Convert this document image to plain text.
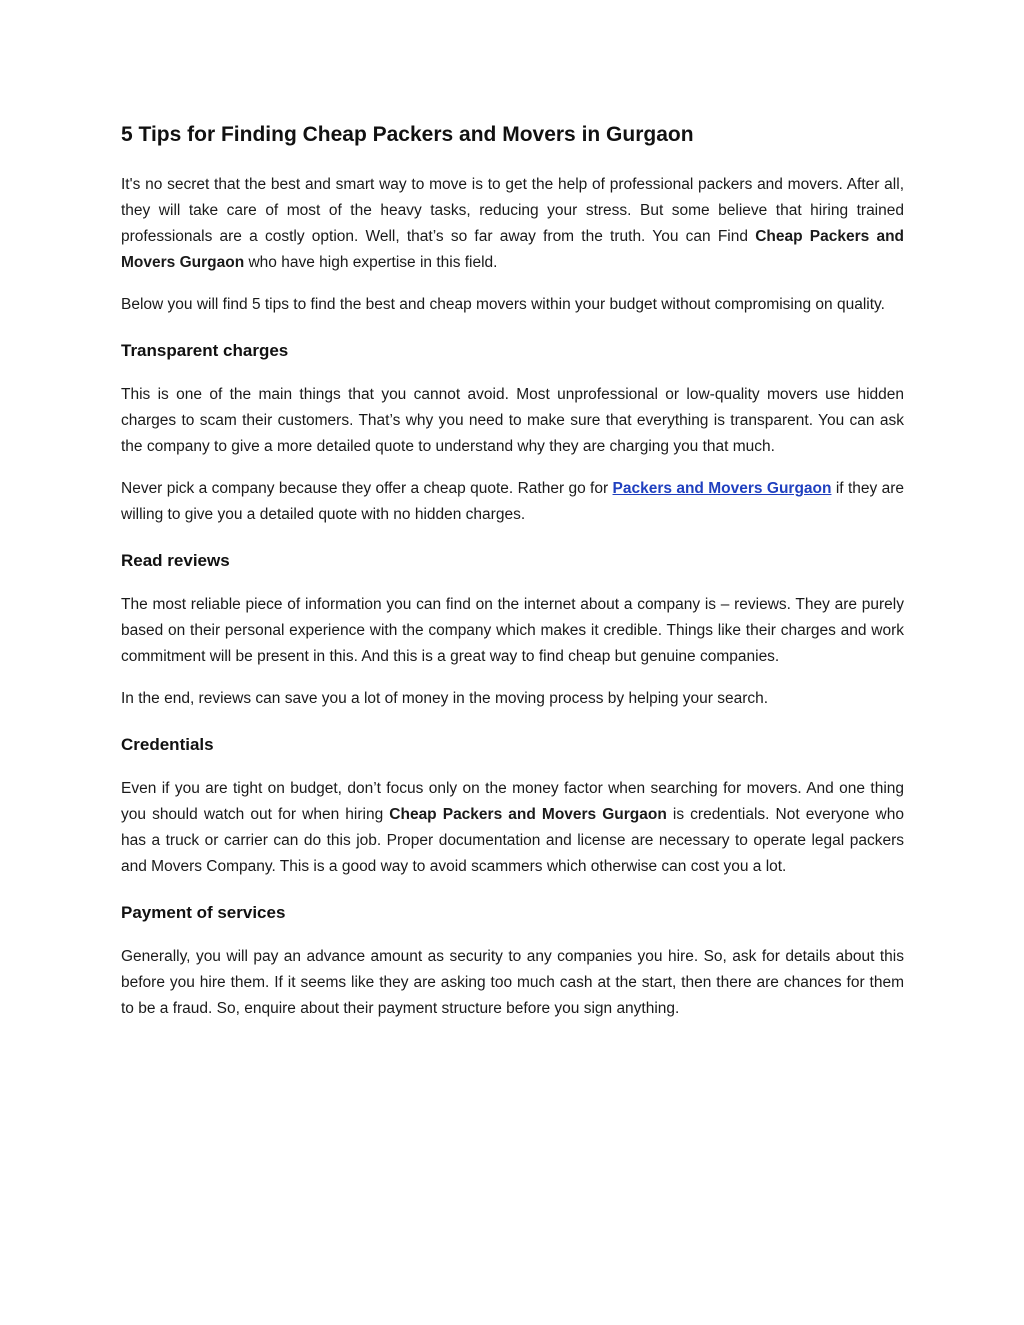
5 Tips for Finding Cheap Packers and Movers in Gurgaon

It's no secret that the best and smart way to move is to get the help of professional packers and movers. After all, they will take care of most of the heavy tasks, reducing your stress. But some believe that hiring trained professionals are a costly option. Well, that’s so far away from the truth. You can Find Cheap Packers and Movers Gurgaon who have high expertise in this field.

Below you will find 5 tips to find the best and cheap movers within your budget without compromising on quality.

Transparent charges

This is one of the main things that you cannot avoid. Most unprofessional or low-quality movers use hidden charges to scam their customers. That’s why you need to make sure that everything is transparent. You can ask the company to give a more detailed quote to understand why they are charging you that much.

Never pick a company because they offer a cheap quote. Rather go for Packers and Movers Gurgaon if they are willing to give you a detailed quote with no hidden charges.

Read reviews

The most reliable piece of information you can find on the internet about a company is – reviews. They are purely based on their personal experience with the company which makes it credible. Things like their charges and work commitment will be present in this. And this is a great way to find cheap but genuine companies.

In the end, reviews can save you a lot of money in the moving process by helping your search.

Credentials

Even if you are tight on budget, don’t focus only on the money factor when searching for movers. And one thing you should watch out for when hiring Cheap Packers and Movers Gurgaon is credentials. Not everyone who has a truck or carrier can do this job. Proper documentation and license are necessary to operate legal packers and Movers Company. This is a good way to avoid scammers which otherwise can cost you a lot.

Payment of services

Generally, you will pay an advance amount as security to any companies you hire. So, ask for details about this before you hire them. If it seems like they are asking too much cash at the start, then there are chances for them to be a fraud. So, enquire about their payment structure before you sign anything.
